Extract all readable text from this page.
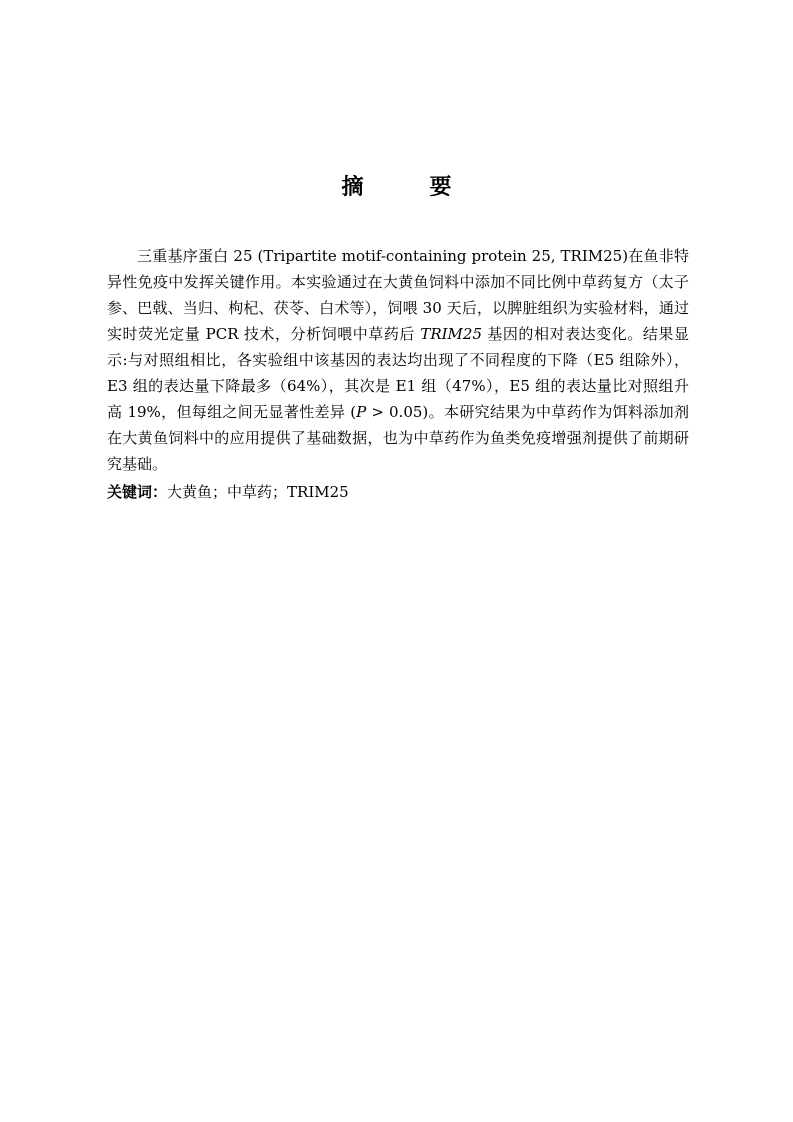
摘　要

三重基序蛋白 25 (Tripartite motif-containing protein 25, TRIM25)在鱼非特异性免疫中发挥关键作用。本实验通过在大黄鱼饲料中添加不同比例中草药复方（太子参、巴戟、当归、枸杞、茯苓、白术等），饲喂 30 天后，以脾脏组织为实验材料，通过实时荧光定量 PCR 技术，分析饲喂中草药后 TRIM25 基因的相对表达变化。结果显示:与对照组相比，各实验组中该基因的表达均出现了不同程度的下降（E5 组除外），E3 组的表达量下降最多（64%），其次是 E1 组（47%），E5 组的表达量比对照组升高 19%，但每组之间无显著性差异 (P > 0.05)。本研究结果为中草药作为饵料添加剂在大黄鱼饲料中的应用提供了基础数据，也为中草药作为鱼类免疫增强剂提供了前期研究基础。

关键词：大黄鱼；中草药；TRIM25
